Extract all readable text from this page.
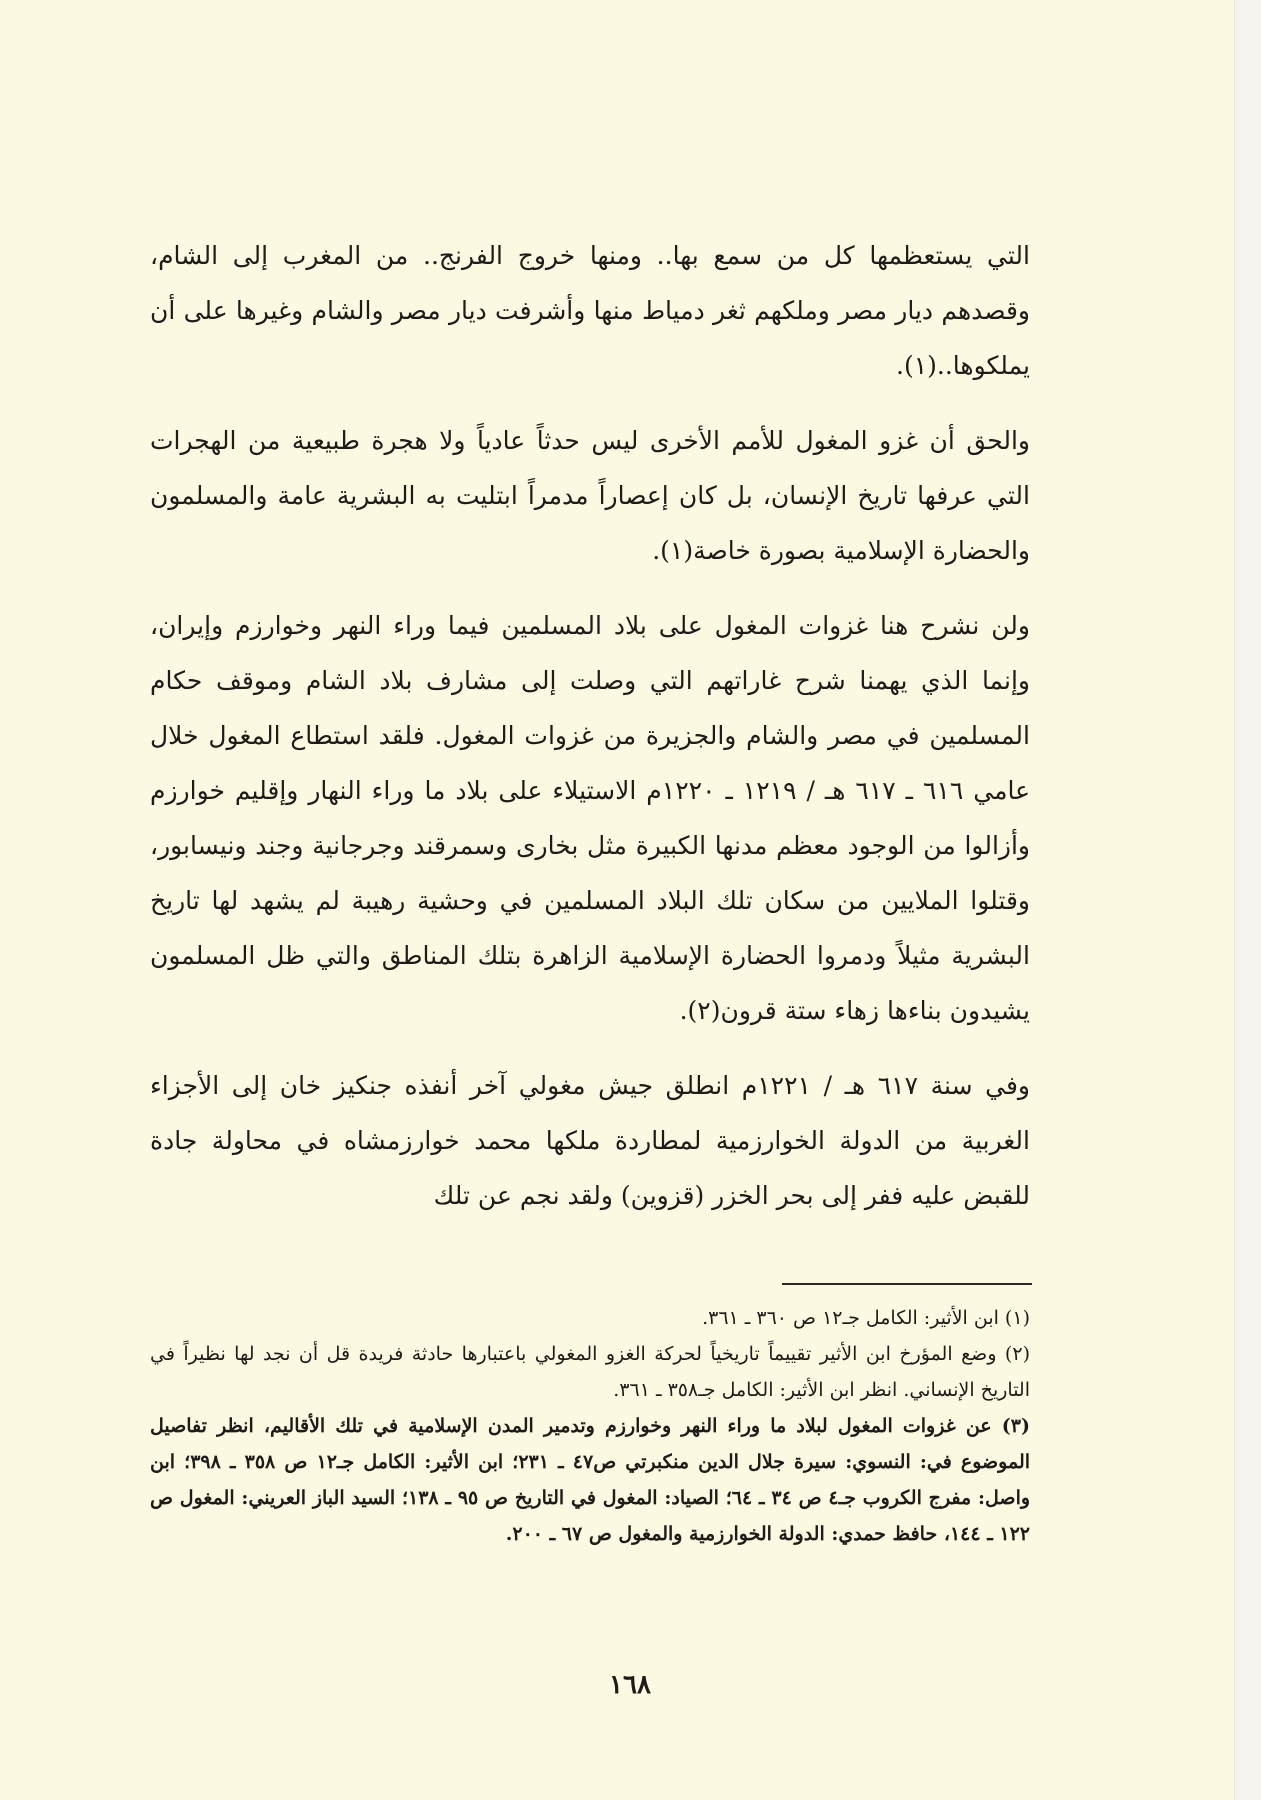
التي يستعظمها كل من سمع بها.. ومنها خروج الفرنج.. من المغرب إلى الشام، وقصدهم ديار مصر وملكهم ثغر دمياط منها وأشرفت ديار مصر والشام وغيرها على أن يملكوها..(١).

والحق أن غزو المغول للأمم الأخرى ليس حدثاً عادياً ولا هجرة طبيعية من الهجرات التي عرفها تاريخ الإنسان، بل كان إعصاراً مدمراً ابتليت به البشرية عامة والمسلمون والحضارة الإسلامية بصورة خاصة(١).

ولن نشرح هنا غزوات المغول على بلاد المسلمين فيما وراء النهر وخوارزم وإيران، وإنما الذي يهمنا شرح غاراتهم التي وصلت إلى مشارف بلاد الشام وموقف حكام المسلمين في مصر والشام والجزيرة من غزوات المغول. فلقد استطاع المغول خلال عامي ٦١٦ ـ ٦١٧ هـ / ١٢١٩ ـ ١٢٢٠م الاستيلاء على بلاد ما وراء النهار وإقليم خوارزم وأزالوا من الوجود معظم مدنها الكبيرة مثل بخارى وسمرقند وجرجانية وجند ونيسابور، وقتلوا الملايين من سكان تلك البلاد المسلمين في وحشية رهيبة لم يشهد لها تاريخ البشرية مثيلاً ودمروا الحضارة الإسلامية الزاهرة بتلك المناطق والتي ظل المسلمون يشيدون بناءها زهاء ستة قرون(٢).

وفي سنة ٦١٧ هـ / ١٢٢١م انطلق جيش مغولي آخر أنفذه جنكيز خان إلى الأجزاء الغربية من الدولة الخوارزمية لمطاردة ملكها محمد خوارزمشاه في محاولة جادة للقبض عليه ففر إلى بحر الخزر (قزوين) ولقد نجم عن تلك

(١) ابن الأثير: الكامل جـ١٢ ص ٣٦٠ ـ ٣٦١.

(٢) وضع المؤرخ ابن الأثير تقييماً تاريخياً لحركة الغزو المغولي باعتبارها حادثة فريدة قل أن نجد لها نظيراً في التاريخ الإنساني. انظر ابن الأثير: الكامل جـ٣٥٨ ـ ٣٦١.

(٣) عن غزوات المغول لبلاد ما وراء النهر وخوارزم وتدمير المدن الإسلامية في تلك الأقاليم، انظر تفاصيل الموضوع في: النسوي: سيرة جلال الدين منكبرتي ص٤٧ ـ ٢٣١؛ ابن الأثير: الكامل جـ١٢ ص ٣٥٨ ـ ٣٩٨؛ ابن واصل: مفرج الكروب جـ٤ ص ٣٤ ـ ٦٤؛ الصياد: المغول في التاريخ ص ٩٥ ـ ١٣٨؛ السيد الباز العريني: المغول ص ١٢٢ ـ ١٤٤، حافظ حمدي: الدولة الخوارزمية والمغول ص ٦٧ ـ ٢٠٠.

١٦٨
